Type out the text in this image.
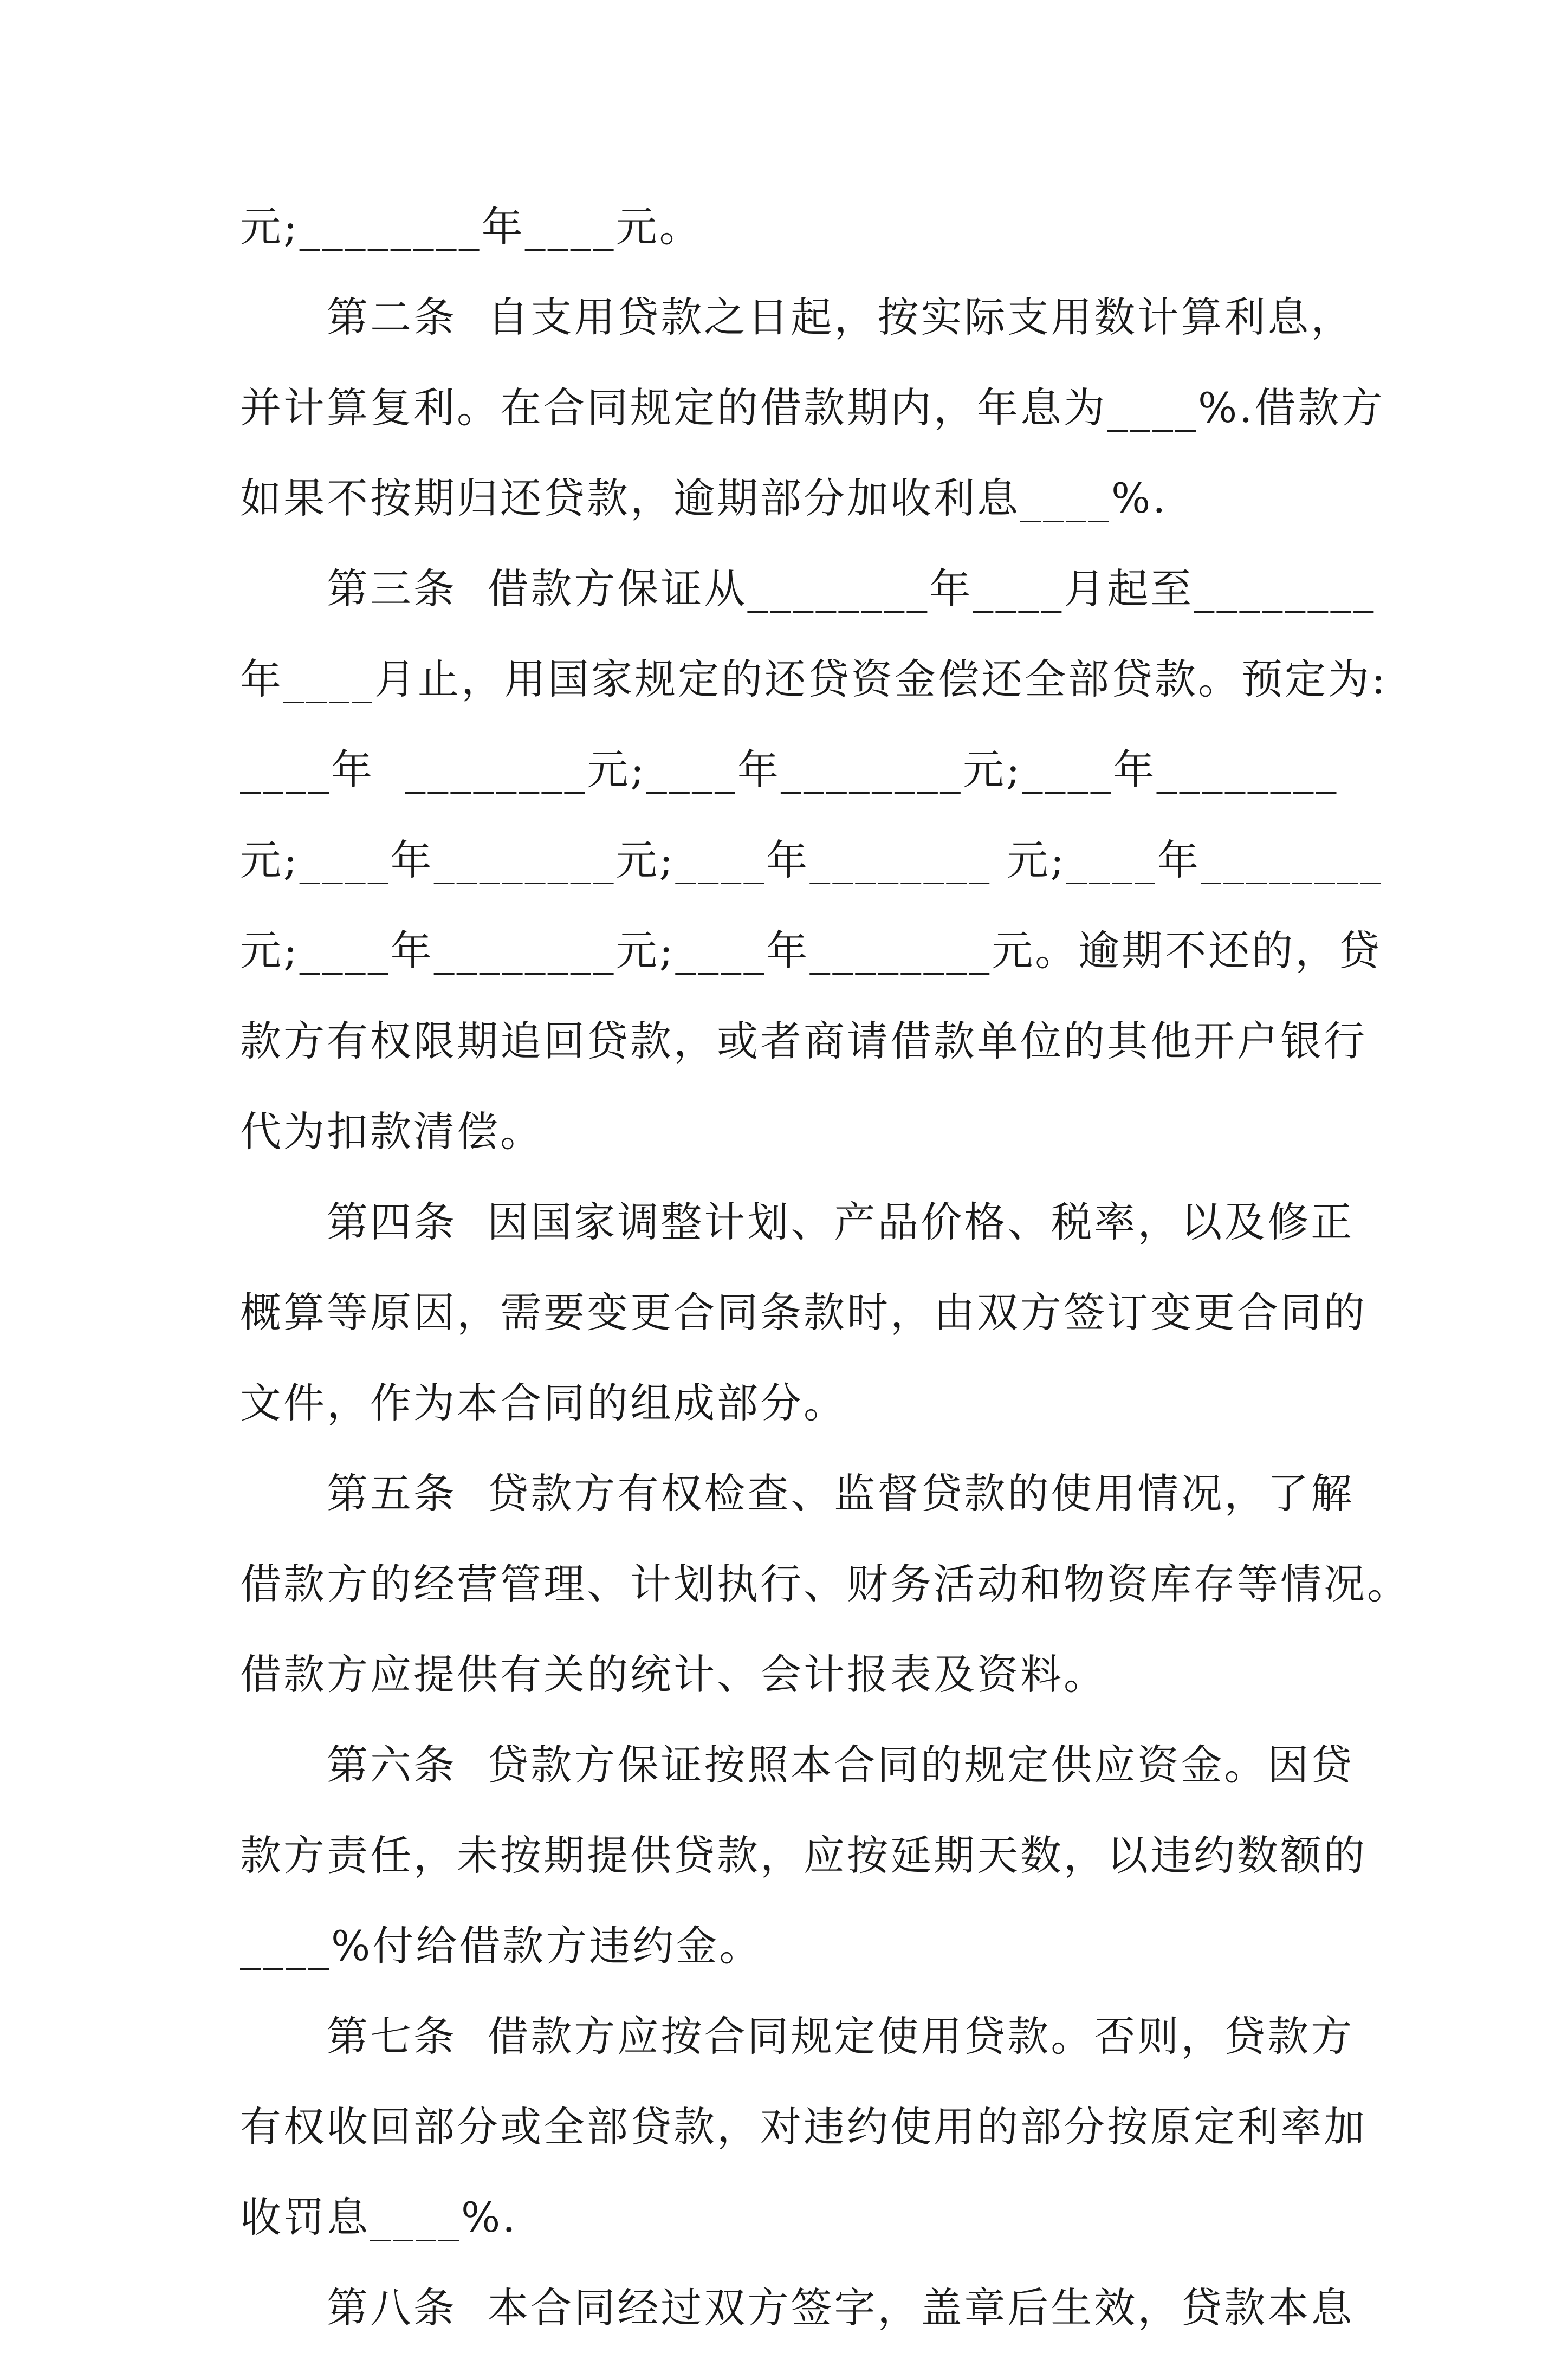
元;________年____元。
第二条  自支用贷款之日起，按实际支用数计算利息，
并计算复利。在合同规定的借款期内，年息为____%.借款方
如果不按期归还贷款，逾期部分加收利息____%.
第三条  借款方保证从________年____月起至________
年____月止，用国家规定的还贷资金偿还全部贷款。预定为:
____年  ________元;____年________元;____年________
元;____年________元;____年________ 元;____年________
元;____年________元;____年________元。逾期不还的，贷
款方有权限期追回贷款，或者商请借款单位的其他开户银行
代为扣款清偿。
第四条  因国家调整计划、产品价格、税率，以及修正
概算等原因，需要变更合同条款时，由双方签订变更合同的
文件，作为本合同的组成部分。
第五条  贷款方有权检查、监督贷款的使用情况，了解
借款方的经营管理、计划执行、财务活动和物资库存等情况。
借款方应提供有关的统计、会计报表及资料。
第六条  贷款方保证按照本合同的规定供应资金。因贷
款方责任，未按期提供贷款，应按延期天数，以违约数额的
____%付给借款方违约金。
第七条  借款方应按合同规定使用贷款。否则，贷款方
有权收回部分或全部贷款，对违约使用的部分按原定利率加
收罚息____%.
第八条  本合同经过双方签字，盖章后生效，贷款本息
